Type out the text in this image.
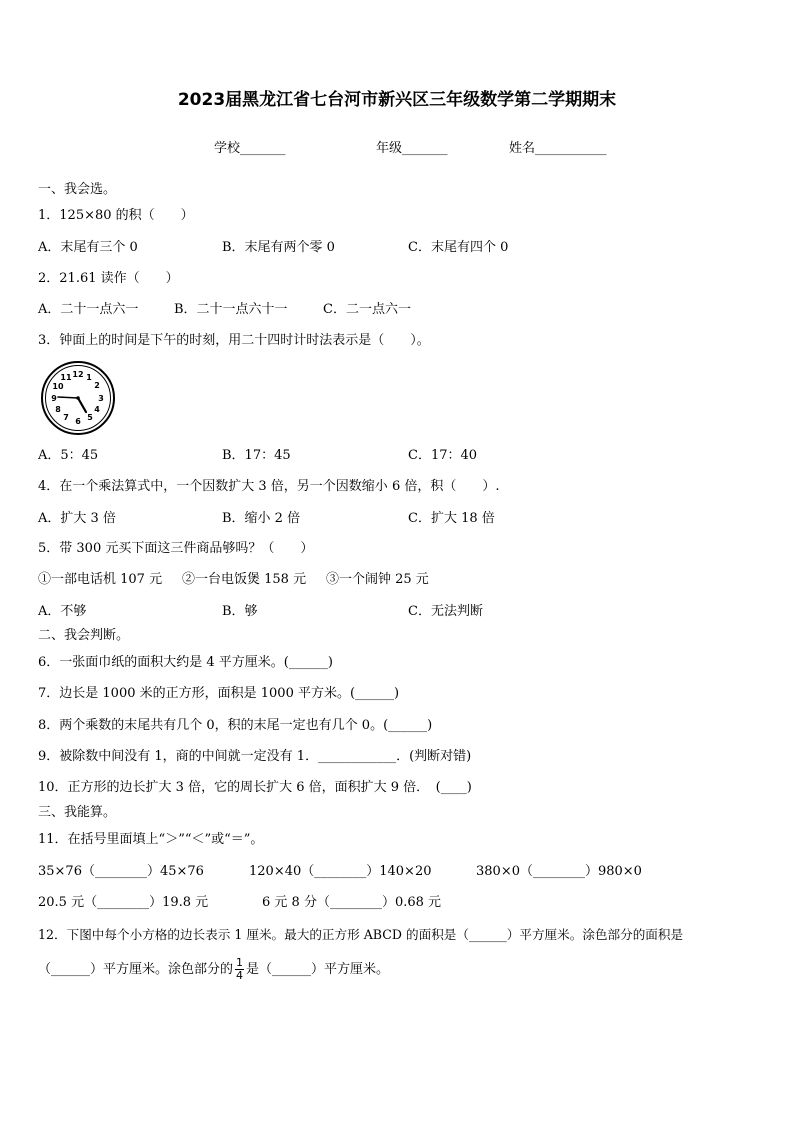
2023届黑龙江省七台河市新兴区三年级数学第二学期期末
学校_______	年级_______	姓名___________
一、我会选。
1．125×80 的积（　　）
A．末尾有三个 0	B．末尾有两个零 0	C．末尾有四个 0
2．21.61 读作（　　）
A．二十一点六一	B．二十一点六十一	C．二一点六一
3．钟面上的时间是下午的时刻，用二十四时计时法表示是（　　）。
12 1
2
3
4
5
6
7
8
9
10
11
A．5：45	B．17：45	C．17：40
4．在一个乘法算式中，一个因数扩大 3 倍，另一个因数缩小 6 倍，积（　　）.
A．扩大 3 倍	B．缩小 2 倍	C．扩大 18 倍
5．带 300 元买下面这三件商品够吗？（　　）
①一部电话机 107 元 ②一台电饭煲 158 元 ③一个闹钟 25 元
A．不够	B．够	C．无法判断
二、我会判断。
6．一张面巾纸的面积大约是 4 平方厘米。(______)
7．边长是 1000 米的正方形，面积是 1000 平方米。(______)
8．两个乘数的末尾共有几个 0，积的末尾一定也有几个 0。(______)
9．被除数中间没有 1，商的中间就一定没有 1．____________．(判断对错)
10．正方形的边长扩大 3 倍，它的周长扩大 6 倍，面积扩大 9 倍．　(____)
三、我能算。
11．在括号里面填上“＞”“＜”或“＝”。
35×76（________）45×76	120×40（________）140×20	380×0（________）980×0
20.5 元（________）19.8 元	6 元 8 分（________）0.68 元
12．下图中每个小方格的边长表示 1 厘米。最大的正方形 ABCD 的面积是（______）平方厘米。涂色部分的面积是
（______）平方厘米。涂色部分的 $\frac{1}{4}$ 是（______）平方厘米。
